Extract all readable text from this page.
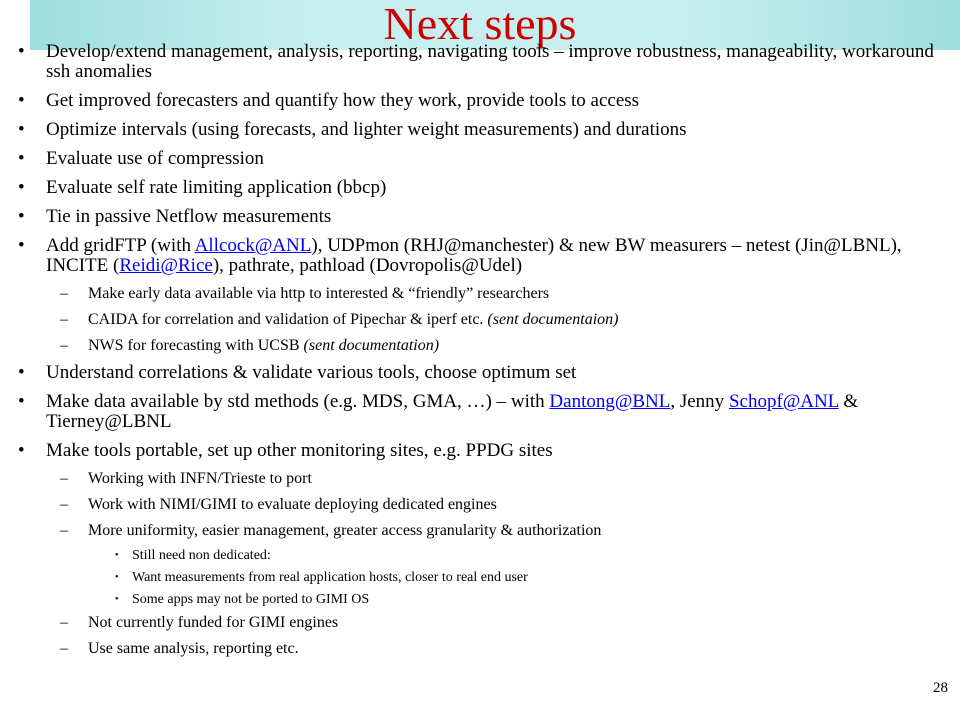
Next steps
• Develop/extend management, analysis, reporting, navigating tools – improve robustness, manageability, workaround ssh anomalies
• Get improved forecasters and quantify how they work, provide tools to access
• Optimize intervals (using forecasts, and lighter weight measurements) and durations
• Evaluate use of compression
• Evaluate self rate limiting application (bbcp)
• Tie in passive Netflow measurements
• Add gridFTP (with Allcock@ANL), UDPmon (RHJ@manchester) & new BW measurers – netest (Jin@LBNL), INCITE (Reidi@Rice), pathrate, pathload (Dovropolis@Udel)
– Make early data available via http to interested & “friendly” researchers
– CAIDA for correlation and validation of Pipechar & iperf etc. (sent documentaion)
– NWS for forecasting with UCSB (sent documentation)
• Understand correlations & validate various tools, choose optimum set
• Make data available by std methods (e.g. MDS, GMA, …) – with Dantong@BNL, Jenny Schopf@ANL & Tierney@LBNL
• Make tools portable, set up other monitoring sites, e.g. PPDG sites
– Working with INFN/Trieste to port
– Work with NIMI/GIMI to evaluate deploying dedicated engines
– More uniformity, easier management, greater access granularity & authorization
• Still need non dedicated:
• Want measurements from real application hosts, closer to real end user
• Some apps may not be ported to GIMI OS
– Not currently funded for GIMI engines
– Use same analysis, reporting etc.
28
